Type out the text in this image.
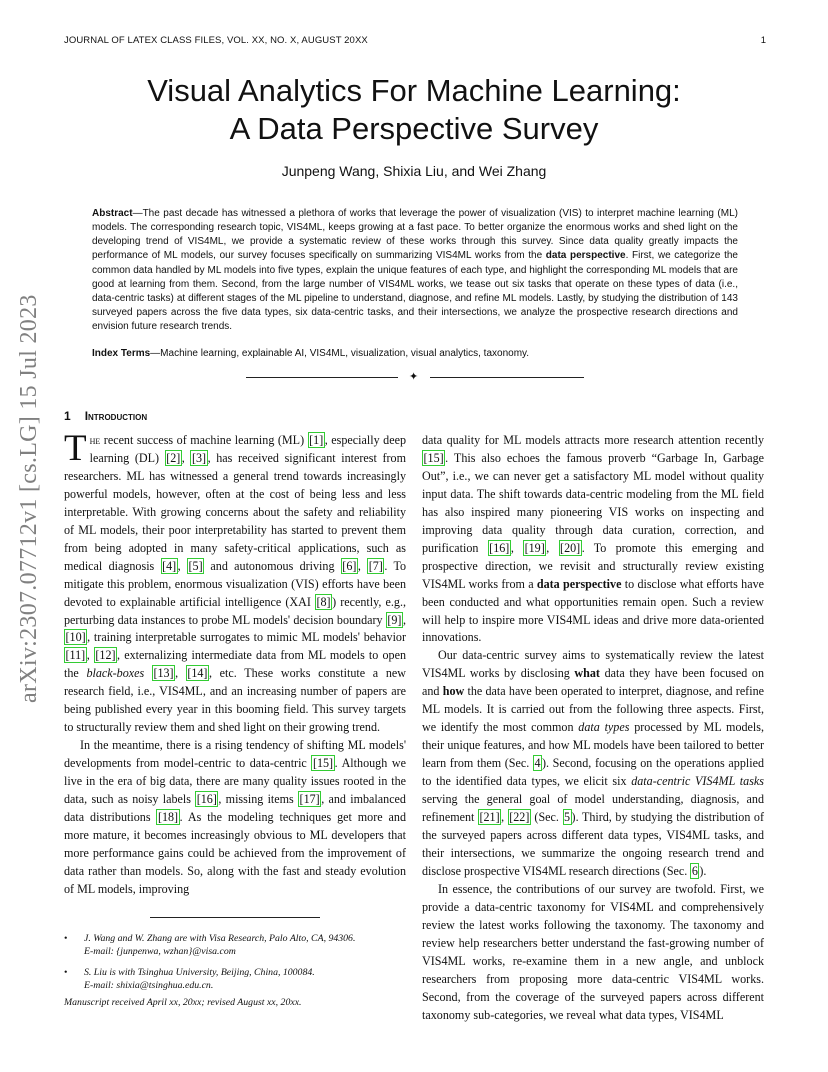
JOURNAL OF LATEX CLASS FILES, VOL. XX, NO. X, AUGUST 20XX	1
Visual Analytics For Machine Learning:
A Data Perspective Survey
Junpeng Wang, Shixia Liu, and Wei Zhang
Abstract—The past decade has witnessed a plethora of works that leverage the power of visualization (VIS) to interpret machine learning (ML) models. The corresponding research topic, VIS4ML, keeps growing at a fast pace. To better organize the enormous works and shed light on the developing trend of VIS4ML, we provide a systematic review of these works through this survey. Since data quality greatly impacts the performance of ML models, our survey focuses specifically on summarizing VIS4ML works from the data perspective. First, we categorize the common data handled by ML models into five types, explain the unique features of each type, and highlight the corresponding ML models that are good at learning from them. Second, from the large number of VIS4ML works, we tease out six tasks that operate on these types of data (i.e., data-centric tasks) at different stages of the ML pipeline to understand, diagnose, and refine ML models. Lastly, by studying the distribution of 143 surveyed papers across the five data types, six data-centric tasks, and their intersections, we analyze the prospective research directions and envision future research trends.
Index Terms—Machine learning, explainable AI, VIS4ML, visualization, visual analytics, taxonomy.
✦
arXiv:2307.07712v1 [cs.LG] 15 Jul 2023 1 Introduction

The recent success of machine learning (ML) [1] , especially deep learning (DL) [2] , [3] , has received significant interest from researchers. ML has witnessed a general trend towards increasingly powerful models, however, often at the cost of being less and less interpretable. With growing concerns about the safety and reliability of ML models, their poor interpretability has started to prevent them from being adopted in many safety-critical applications, such as medical diagnosis [4] , [5] and autonomous driving [6] , [7] . To mitigate this problem, enormous visualization (VIS) efforts have been devoted to explainable artificial intelligence (XAI [8] ) recently, e.g., perturbing data instances to probe ML models' decision boundary [9] , [10] , training interpretable surrogates to mimic ML models' behavior [11] , [12] , externalizing intermediate data from ML models to open the black-boxes [13] , [14] , etc. These works constitute a new research field, i.e., VIS4ML, and an increasing number of papers are being published every year in this booming field. This survey targets to structurally review them and shed light on their growing trend.

In the meantime, there is a rising tendency of shifting ML models' developments from model-centric to data-centric [15] . Although we live in the era of big data, there are many quality issues rooted in the data, such as noisy labels [16] , missing items [17] , and imbalanced data distributions [18] . As the modeling techniques get more and more mature, it becomes increasingly obvious to ML developers that more performance gains could be achieved from the improvement of data rather than models. So, along with the fast and steady evolution of ML models, improving

data quality for ML models attracts more research attention recently [15] . This also echoes the famous proverb “Garbage In, Garbage Out”, i.e., we can never get a satisfactory ML model without quality input data. The shift towards data-centric modeling from the ML field has also inspired many pioneering VIS works on inspecting and improving data quality through data curation, correction, and purification [16] , [19] , [20] . To promote this emerging and prospective direction, we revisit and structurally review existing VIS4ML works from a data perspective to disclose what efforts have been conducted and what opportunities remain open. Such a review will help to inspire more VIS4ML ideas and drive more data-oriented innovations.

Our data-centric survey aims to systematically review the latest VIS4ML works by disclosing what data they have been focused on and how the data have been operated to interpret, diagnose, and refine ML models. It is carried out from the following three aspects. First, we identify the most common data types processed by ML models, their unique features, and how ML models have been tailored to better learn from them (Sec. 4 ). Second, focusing on the operations applied to the identified data types, we elicit six data-centric VIS4ML tasks serving the general goal of model understanding, diagnosis, and refinement [21] , [22] (Sec. 5 ). Third, by studying the distribution of the surveyed papers across different data types, VIS4ML tasks, and their intersections, we summarize the ongoing research trend and disclose prospective VIS4ML research directions (Sec. 6 ).

In essence, the contributions of our survey are twofold. First, we provide a data-centric taxonomy for VIS4ML and comprehensively review the latest works following the taxonomy. The taxonomy and review help researchers better understand the fast-growing number of VIS4ML works, re-examine them in a new angle, and unblock researchers from proposing more data-centric VIS4ML works. Second, from the coverage of the surveyed papers across different taxonomy sub-categories, we reveal what data types, VIS4ML

• J. Wang and W. Zhang are with Visa Research, Palo Alto, CA, 94306.
E-mail: {junpenwa, wzhan}@visa.com
• S. Liu is with Tsinghua University, Beijing, China, 100084.
E-mail: shixia@tsinghua.edu.cn.
Manuscript received April xx, 20xx; revised August xx, 20xx.
